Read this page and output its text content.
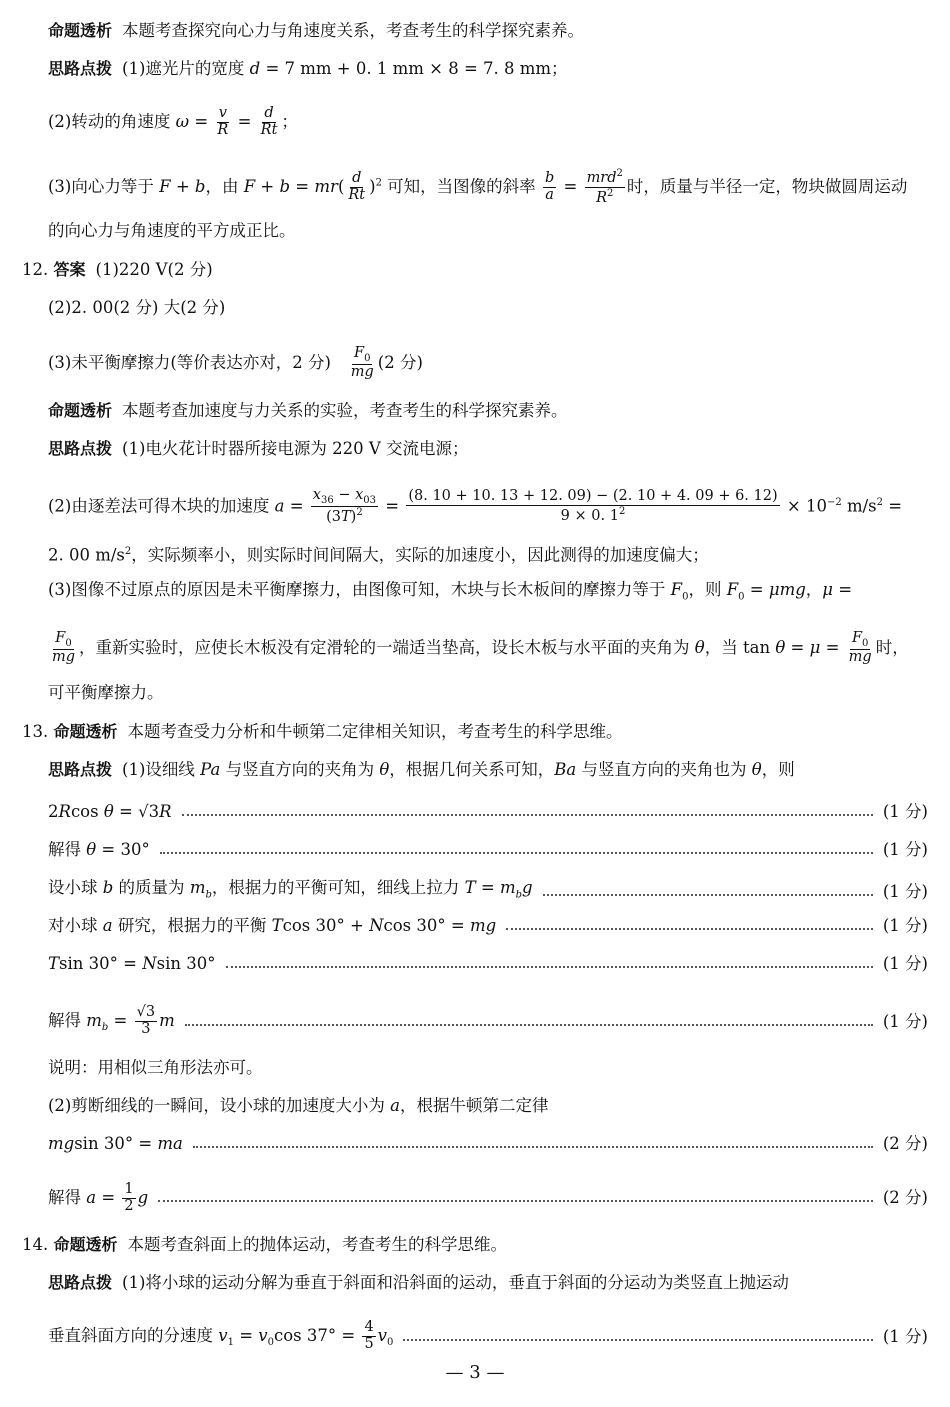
命题透析 本题考查探究向心力与角速度关系，考查考生的科学探究素养。
思路点拨 (1)遮光片的宽度 d = 7 mm + 0. 1 mm × 8 = 7. 8 mm；
(2)转动的角速度 $\omega = \frac{v}{R} = \frac{d}{Rt}$ ；
(3)向心力等于 F + b，由 $F + b = mr( \frac{d}{Rt} )^2$ 可知，当图像的斜率 $\frac{b}{a} = \frac{mrd^2}{R^2}$ 时，质量与半径一定，物块做圆周运动
的向心力与角速度的平方成正比。
12. 答案 (1)220 V(2 分)
(2)2. 00(2 分) 大(2 分)
(3)未平衡摩擦力(等价表达亦对，2 分) $\frac{F_0}{mg} (2$ 分)
命题透析 本题考查加速度与力关系的实验，考查考生的科学探究素养。
思路点拨 (1)电火花计时器所接电源为 220 V 交流电源；
(2)由逐差法可得木块的加速度 $a = \frac{x_{36} - x_{03}}{(3T)^2} = \frac{(8. 10 + 10. 13 + 12. 09) - (2. 10 + 4. 09 + 6. 12)}{9 \times 0. 1^2} \times 10^{-2}$ $m/s^2$ =
2. 00 $m/s^2$，实际频率小，则实际时间间隔大，实际的加速度小，因此测得的加速度偏大；
(3)图像不过原点的原因是未平衡摩擦力，由图像可知，木块与长木板间的摩擦力等于 $F_0$，则 $F_0 = \mu mg$，μ =
$\frac{F_0}{mg}$ ，重新实验时，应使长木板没有定滑轮的一端适当垫高，设长木板与水平面的夹角为 θ，当 $\tan \theta = \mu = \frac{F_0}{mg}$ 时，
可平衡摩擦力。
13. 命题透析 本题考查受力分析和牛顿第二定律相关知识，考查考生的科学思维。
思路点拨 (1)设细线 Pa 与竖直方向的夹角为 θ，根据几何关系可知，Ba 与竖直方向的夹角也为 θ，则
2Rcos θ = √3R	(1 分)
解得 θ = 30°	(1 分)
设小球 b 的质量为 $m_b$，根据力的平衡可知，细线上拉力 $T = m_bg$	(1 分)
对小球 a 研究，根据力的平衡 Tcos 30° + Ncos 30° = mg	(1 分)
Tsin 30° = Nsin 30°	(1 分)
解得 $m_b = \frac{√3}{3}$ m	(1 分)
说明：用相似三角形法亦可。
(2)剪断细线的一瞬间，设小球的加速度大小为 a，根据牛顿第二定律
mgsin 30° = ma	(2 分)
解得 $a = \frac{1}{2}$ g	(2 分)
14. 命题透析 本题考查斜面上的抛体运动，考查考生的科学思维。
思路点拨 (1)将小球的运动分解为垂直于斜面和沿斜面的运动，垂直于斜面的分运动为类竖直上抛运动
垂直斜面方向的分速度 $v_1 = v_0\cos$ $37^\circ = \frac{4}{5} v_0$	(1 分)
— 3 —
